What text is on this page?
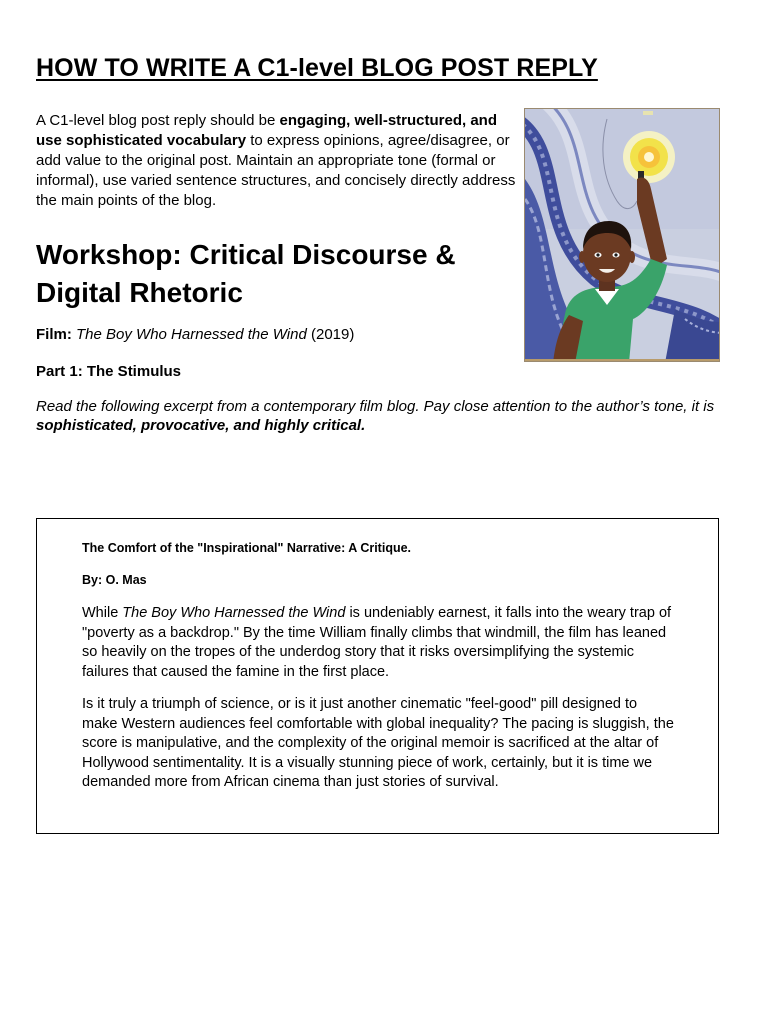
HOW TO WRITE A C1-level BLOG POST REPLY

A C1-level blog post reply should be engaging, well-structured, and use sophisticated vocabulary to express opinions, agree/disagree, or add value to the original post. Maintain an appropriate tone (formal or informal), use varied sentence structures, and concisely directly address the main points of the blog.

Workshop: Critical Discourse & Digital Rhetoric

Film: The Boy Who Harnessed the Wind (2019)

Part 1: The Stimulus

Read the following excerpt from a contemporary film blog. Pay close attention to the author’s tone, it is sophisticated, provocative, and highly critical.

The Comfort of the "Inspirational" Narrative: A Critique.

By: O. Mas

While The Boy Who Harnessed the Wind is undeniably earnest, it falls into the weary trap of "poverty as a backdrop." By the time William finally climbs that windmill, the film has leaned so heavily on the tropes of the underdog story that it risks oversimplifying the systemic failures that caused the famine in the first place.

Is it truly a triumph of science, or is it just another cinematic "feel-good" pill designed to make Western audiences feel comfortable with global inequality? The pacing is sluggish, the score is manipulative, and the complexity of the original memoir is sacrificed at the altar of Hollywood sentimentality. It is a visually stunning piece of work, certainly, but it is time we demanded more from African cinema than just stories of survival.
